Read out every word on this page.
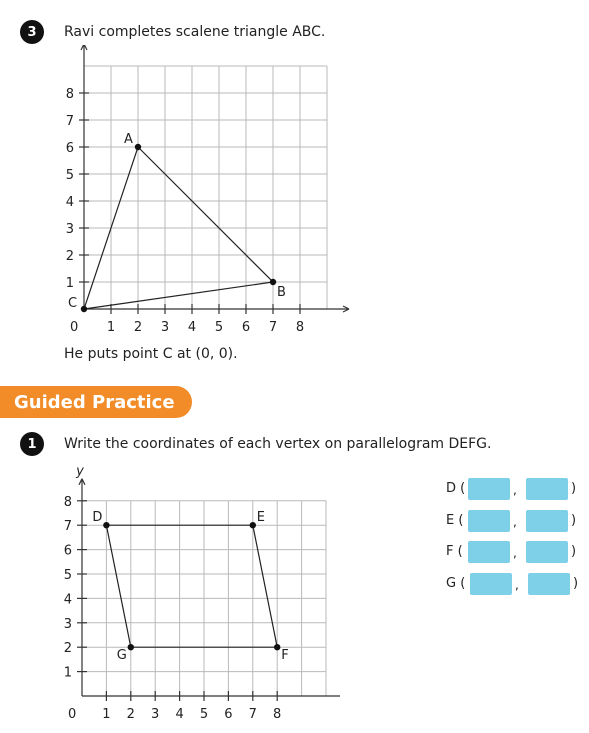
3 Ravi completes scalene triangle ABC.
1 2 3 4 5 6 7 8
1
2
3
4
5
6
7
8
0
A
B
C
He puts point C at (0, 0).
Guided Practice
1 Write the coordinates of each vertex on parallelogram DEFG.
1 2 3 4 5 6 7 8
1
2
3
4
5
6
7
8
y
0
D	E
F
G
D (	,	)
E (	,	)
F (	,	)
G (	,	)
